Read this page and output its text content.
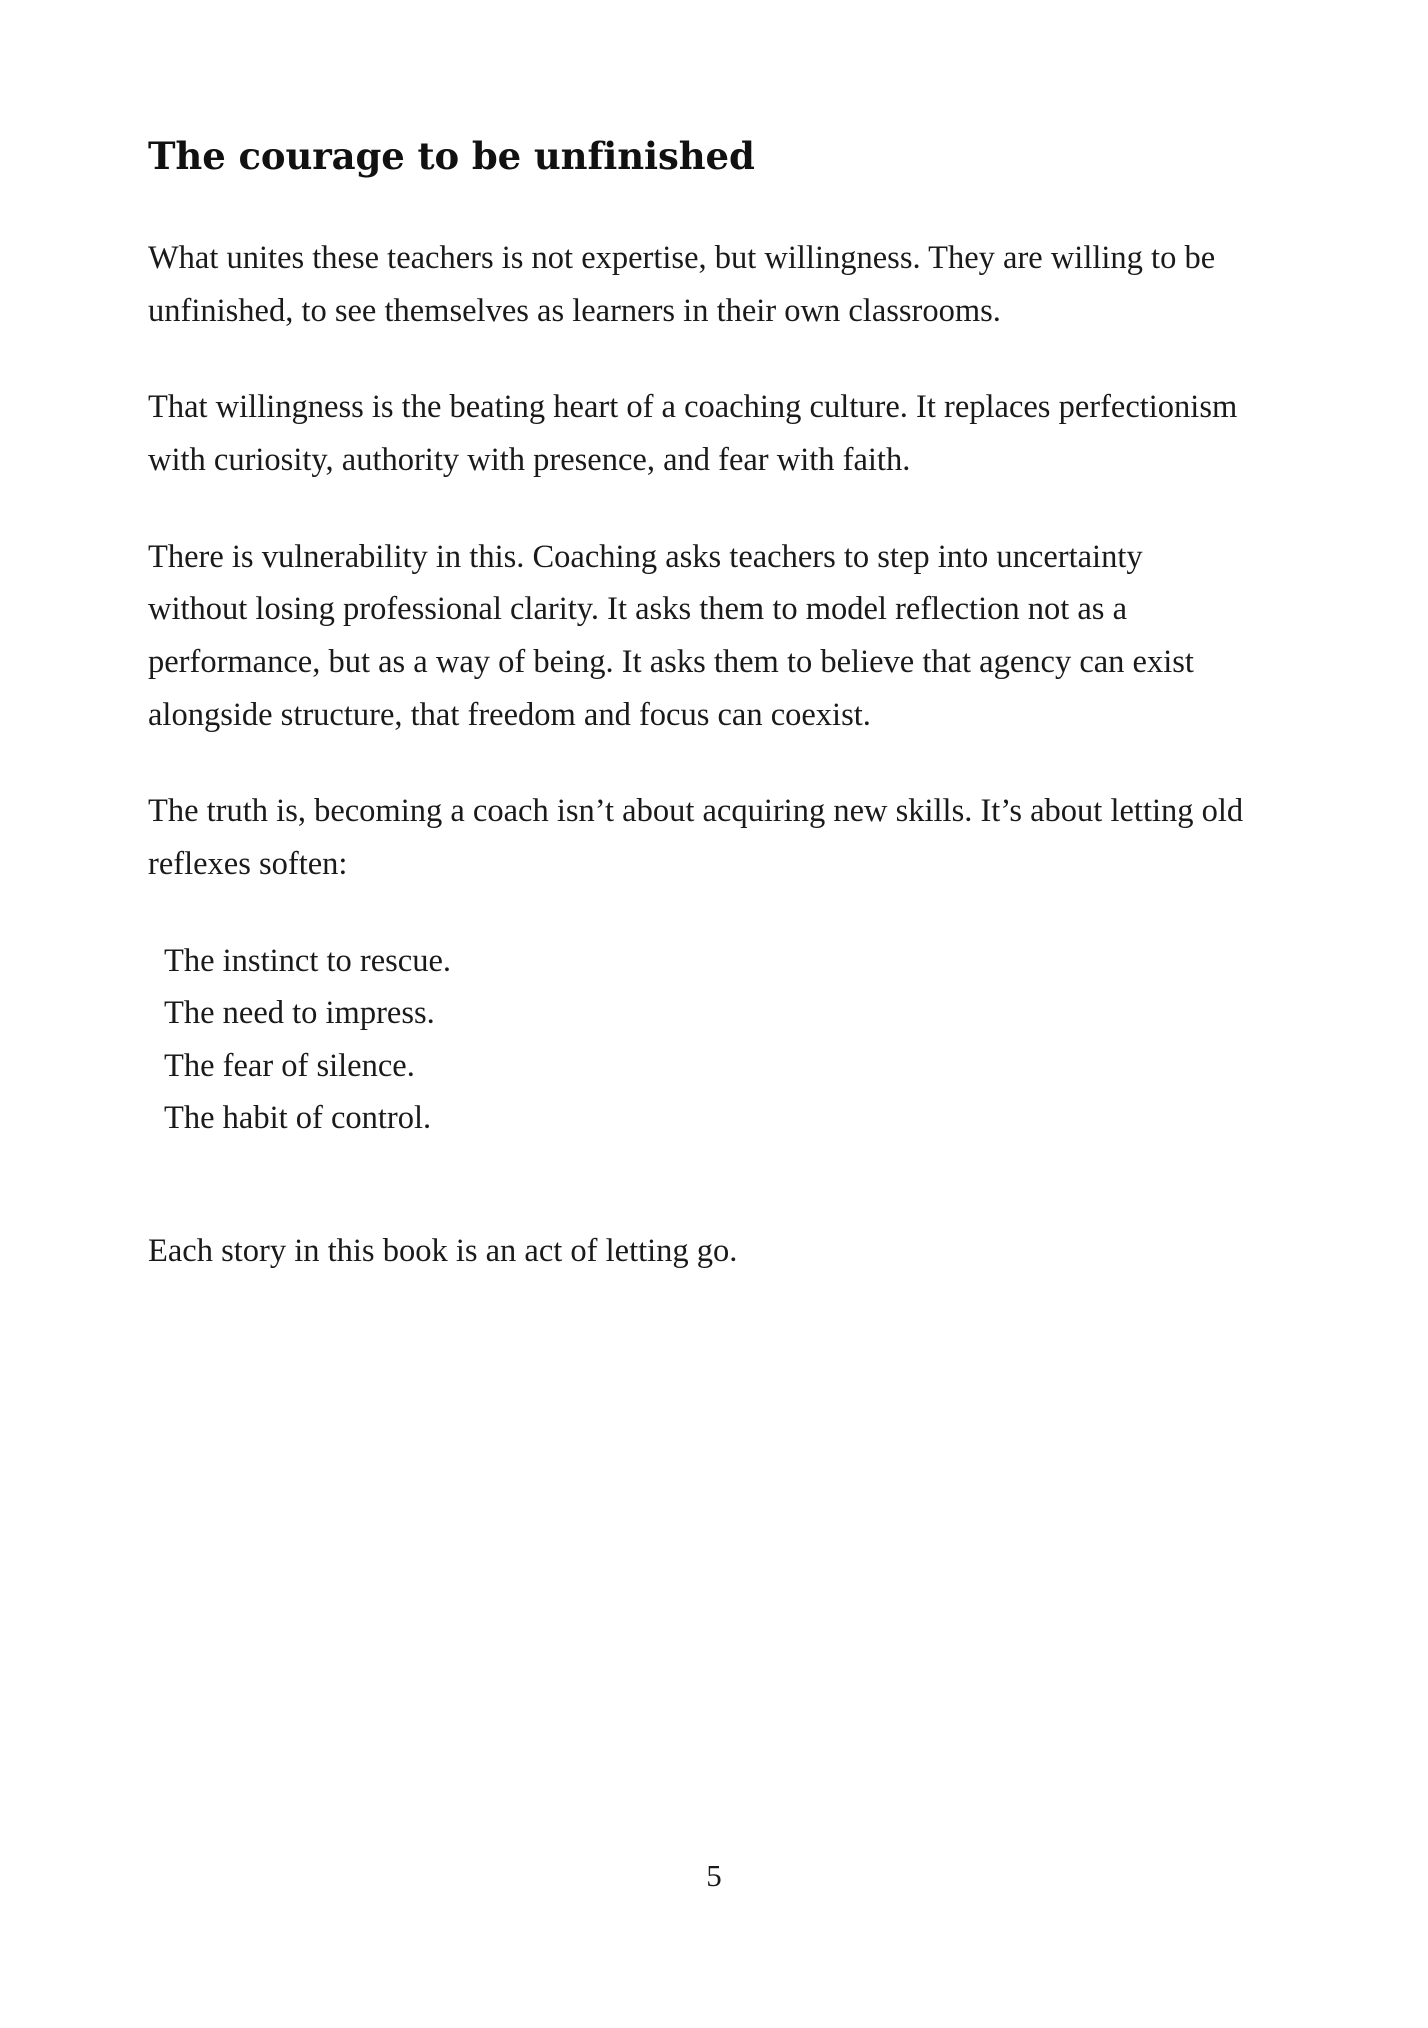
The courage to be unfinished

What unites these teachers is not expertise, but willingness. They are willing to be unfinished, to see themselves as learners in their own classrooms.

That willingness is the beating heart of a coaching culture. It replaces perfectionism with curiosity, authority with presence, and fear with faith.

There is vulnerability in this. Coaching asks teachers to step into uncertainty without losing professional clarity. It asks them to model reflection not as a performance, but as a way of being. It asks them to believe that agency can exist alongside structure, that freedom and focus can coexist.

The truth is, becoming a coach isn’t about acquiring new skills. It’s about letting old reflexes soften:

The instinct to rescue.
The need to impress.
The fear of silence.
The habit of control.

Each story in this book is an act of letting go.

5
